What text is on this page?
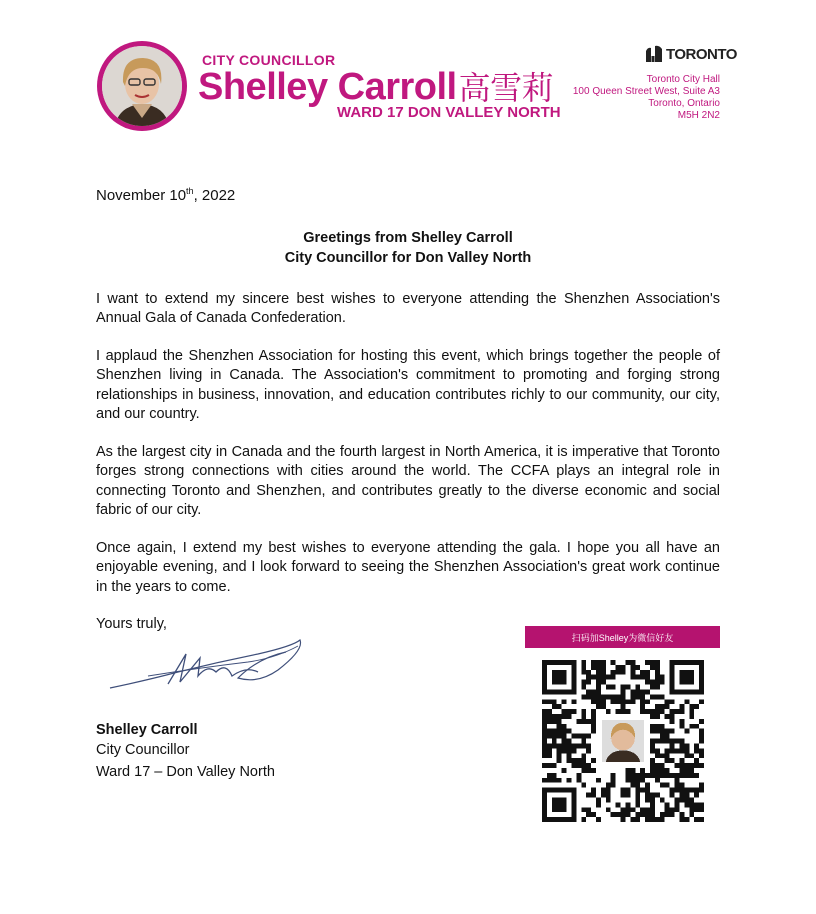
CITY COUNCILLOR
Shelley Carroll高雪莉
WARD 17 DON VALLEY NORTH
TORONTO
Toronto City Hall
100 Queen Street West, Suite A3
Toronto, Ontario
M5H 2N2
November 10th, 2022
Greetings from Shelley Carroll
City Councillor for Don Valley North
I want to extend my sincere best wishes to everyone attending the Shenzhen Association's Annual Gala of Canada Confederation.
I applaud the Shenzhen Association for hosting this event, which brings together the people of Shenzhen living in Canada. The Association's commitment to promoting and forging strong relationships in business, innovation, and education contributes richly to our community, our city, and our country.
As the largest city in Canada and the fourth largest in North America, it is imperative that Toronto forges strong connections with cities around the world. The CCFA plays an integral role in connecting Toronto and Shenzhen, and contributes greatly to the diverse economic and social fabric of our city.
Once again, I extend my best wishes to everyone attending the gala. I hope you all have an enjoyable evening, and I look forward to seeing the Shenzhen Association's great work continue in the years to come.
Yours truly,
Shelley Carroll
City Councillor
Ward 17 – Don Valley North
扫码加Shelley为微信好友
